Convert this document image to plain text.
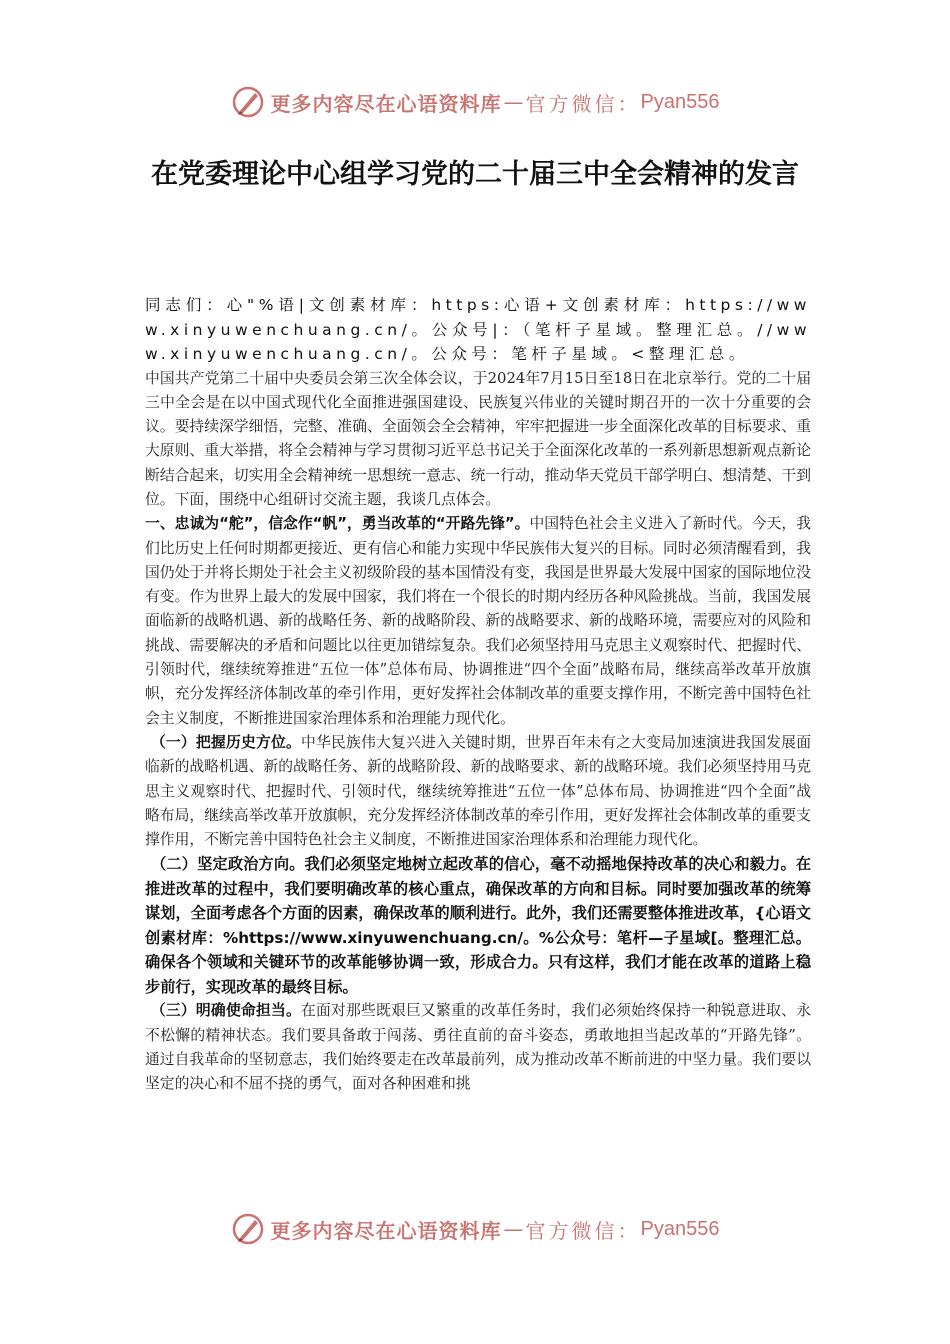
更多内容尽在心语资料库 — 官方微信： Pyan556
在党委理论中心组学习党的二十届三中全会精神的发言

同志们：心"%语|文创素材库：https:心语+文创素材库：https://www.xinyuwenchuang.cn/。公众号|：（笔杆子星域。整理汇总。//www.xinyuwenchuang.cn/。公众号：笔杆子星域。<整理汇总。

中国共产党第二十届中央委员会第三次全体会议，于2024年7月15日至18日在北京举行。党的二十届三中全会是在以中国式现代化全面推进强国建设、民族复兴伟业的关键时期召开的一次十分重要的会议。要持续深学细悟，完整、准确、全面领会全会精神，牢牢把握进一步全面深化改革的目标要求、重大原则、重大举措，将全会精神与学习贯彻习近平总书记关于全面深化改革的一系列新思想新观点新论断结合起来，切实用全会精神统一思想统一意志、统一行动，推动华天党员干部学明白、想清楚、干到位。下面，围绕中心组研讨交流主题，我谈几点体会。

一、忠诚为“舵”，信念作“帆”，勇当改革的“开路先锋”。中国特色社会主义进入了新时代。今天，我们比历史上任何时期都更接近、更有信心和能力实现中华民族伟大复兴的目标。同时必须清醒看到，我国仍处于并将长期处于社会主义初级阶段的基本国情没有变，我国是世界最大发展中国家的国际地位没有变。作为世界上最大的发展中国家，我们将在一个很长的时期内经历各种风险挑战。当前，我国发展面临新的战略机遇、新的战略任务、新的战略阶段、新的战略要求、新的战略环境，需要应对的风险和挑战、需要解决的矛盾和问题比以往更加错综复杂。我们必须坚持用马克思主义观察时代、把握时代、引领时代，继续统筹推进“五位一体”总体布局、协调推进“四个全面”战略布局，继续高举改革开放旗帜，充分发挥经济体制改革的牵引作用，更好发挥社会体制改革的重要支撑作用，不断完善中国特色社会主义制度，不断推进国家治理体系和治理能力现代化。

（一）把握历史方位。中华民族伟大复兴进入关键时期，世界百年未有之大变局加速演进我国发展面临新的战略机遇、新的战略任务、新的战略阶段、新的战略要求、新的战略环境。我们必须坚持用马克思主义观察时代、把握时代、引领时代，继续统筹推进“五位一体”总体布局、协调推进“四个全面”战略布局，继续高举改革开放旗帜，充分发挥经济体制改革的牵引作用，更好发挥社会体制改革的重要支撑作用，不断完善中国特色社会主义制度，不断推进国家治理体系和治理能力现代化。

（二）坚定政治方向。我们必须坚定地树立起改革的信心，毫不动摇地保持改革的决心和毅力。在推进改革的过程中，我们要明确改革的核心重点，确保改革的方向和目标。同时要加强改革的统筹谋划，全面考虑各个方面的因素，确保改革的顺利进行。此外，我们还需要整体推进改革，{心语文创素材库：%https://www.xinyuwenchuang.cn/。%公众号：笔杆—子星域[。整理汇总。确保各个领域和关键环节的改革能够协调一致，形成合力。只有这样，我们才能在改革的道路上稳步前行，实现改革的最终目标。

（三）明确使命担当。在面对那些既艰巨又繁重的改革任务时，我们必须始终保持一种锐意进取、永不松懈的精神状态。我们要具备敢于闯荡、勇往直前的奋斗姿态，勇敢地担当起改革的“开路先锋”。通过自我革命的坚韧意志，我们始终要走在改革最前列，成为推动改革不断前进的中坚力量。我们要以坚定的决心和不屈不挠的勇气，面对各种困难和挑

更多内容尽在心语资料库 — 官方微信： Pyan556
